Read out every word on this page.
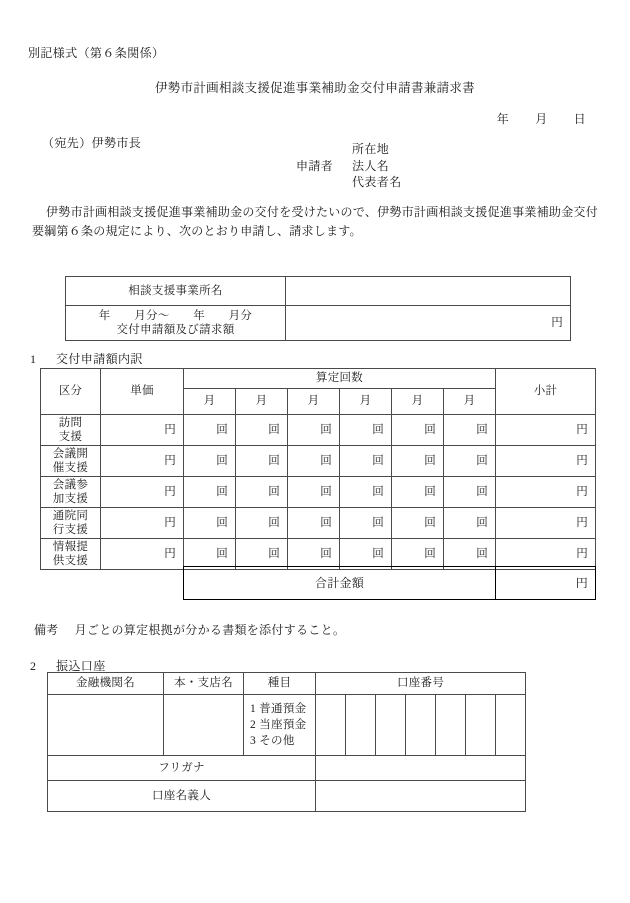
別記様式（第６条関係）
伊勢市計画相談支援促進事業補助金交付申請書兼請求書
年 月 日
（宛先）伊勢市長
申請者
所在地
法人名
代表者名
伊勢市計画相談支援促進事業補助金の交付を受けたいので、伊勢市計画相談支援促進事業補助金交付要綱第６条の規定により、次のとおり申請し、請求します。
相談支援事業所名	

年　　月分～　　年　　月分
交付申請額及び請求額	円
1 交付申請額内訳
区分	単価	算定回数						小計
		月	月	月	月	月	月	

訪問
支援	円	回	回	回	回	回	回	円

会議開
催支援	円	回	回	回	回	回	回	円

会議参
加支援	円	回	回	回	回	回	回	円

通院同
行支援	円	回	回	回	回	回	回	円

情報提
供支援	円	回	回	回	回	回	回	円
合計金額	円
備考 月ごとの算定根拠が分かる書類を添付すること。
2 振込口座
金融機関名	本・支店名	種目	口座番号						

		1 普通預金
2 当座預金
3 その他							

フリガナ									
口座名義人									
